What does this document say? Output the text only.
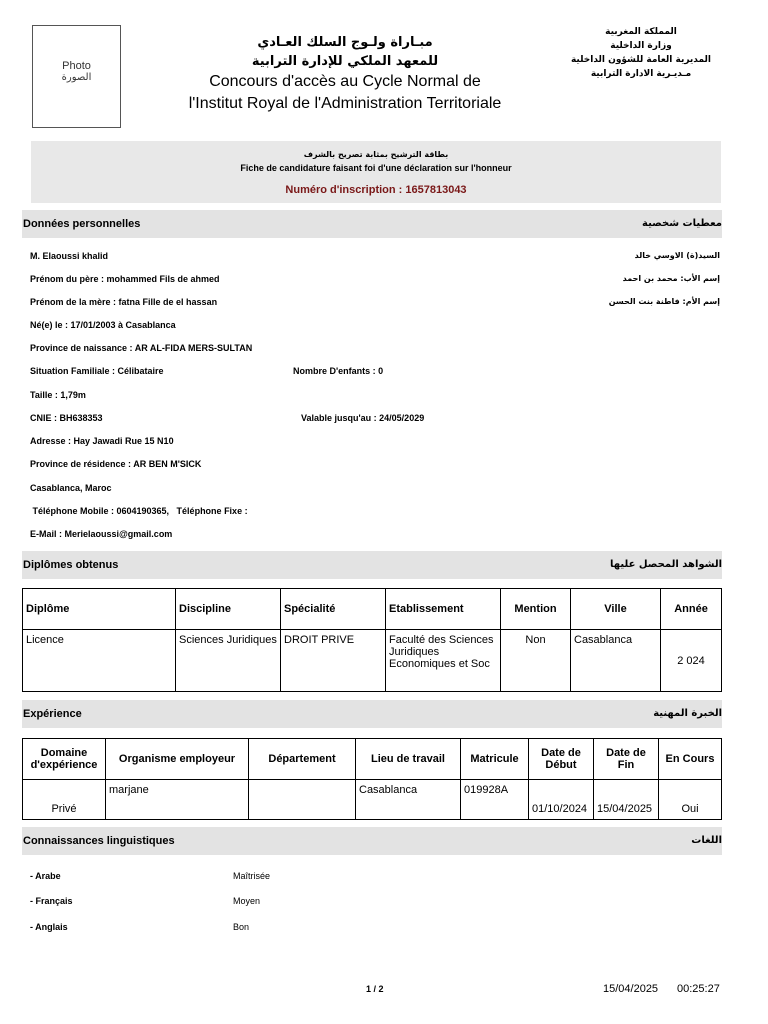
Photo
الصورة
مبـاراة ولـوج السلك العـادي
للمعهد الملكي للإدارة الترابية
Concours d'accès au Cycle Normal de
l'Institut Royal de l'Administration Territoriale
المملكة المغربية
وزارة الداخلية
المديرية العامة للشؤون الداخلية
مـديـرية الادارة الترابية
بطاقة الترشيح بمثابة تصريح بالشرف
Fiche de candidature faisant foi d'une déclaration sur l'honneur
Numéro d'inscription : 1657813043
Données personnelles	معطيات شخصية
M. Elaoussi khalid	السيد(ة) الاوسي خالد
Prénom du père : mohammed Fils de ahmed	إسم الأب: محمد بن احمد
Prénom de la mère : fatna Fille de el hassan	إسم الأم: فاطنة بنت الحسن
Né(e) le : 17/01/2003 à Casablanca
Province de naissance : AR AL-FIDA MERS-SULTAN
Situation Familiale : Célibataire	Nombre D'enfants : 0
Taille : 1,79m
CNIE : BH638353	Valable jusqu'au : 24/05/2029
Adresse : Hay Jawadi Rue 15 N10
Province de résidence : AR BEN M'SICK
Casablanca, Maroc
Téléphone Mobile : 0604190365,   Téléphone Fixe :
E-Mail : Merielaoussi@gmail.com
Diplômes obtenus	الشواهد المحصل عليها
Diplôme	Discipline	Spécialité	Etablissement	Mention	Ville	Année
Licence	Sciences Juridiques	DROIT PRIVE	Faculté des Sciences Juridiques Economiques et Soc	Non	Casablanca	2 024
Expérience	الخبرة المهنية
Domaine d'expérience	Organisme employeur	Département	Lieu de travail	Matricule	Date de Début	Date de Fin	En Cours
Privé	marjane		Casablanca	019928A	01/10/2024	15/04/2025	Oui
Connaissances linguistiques	اللغات
- Arabe	Maîtrisée
- Français	Moyen
- Anglais	Bon
1 / 2	15/04/2025 00:25:27
